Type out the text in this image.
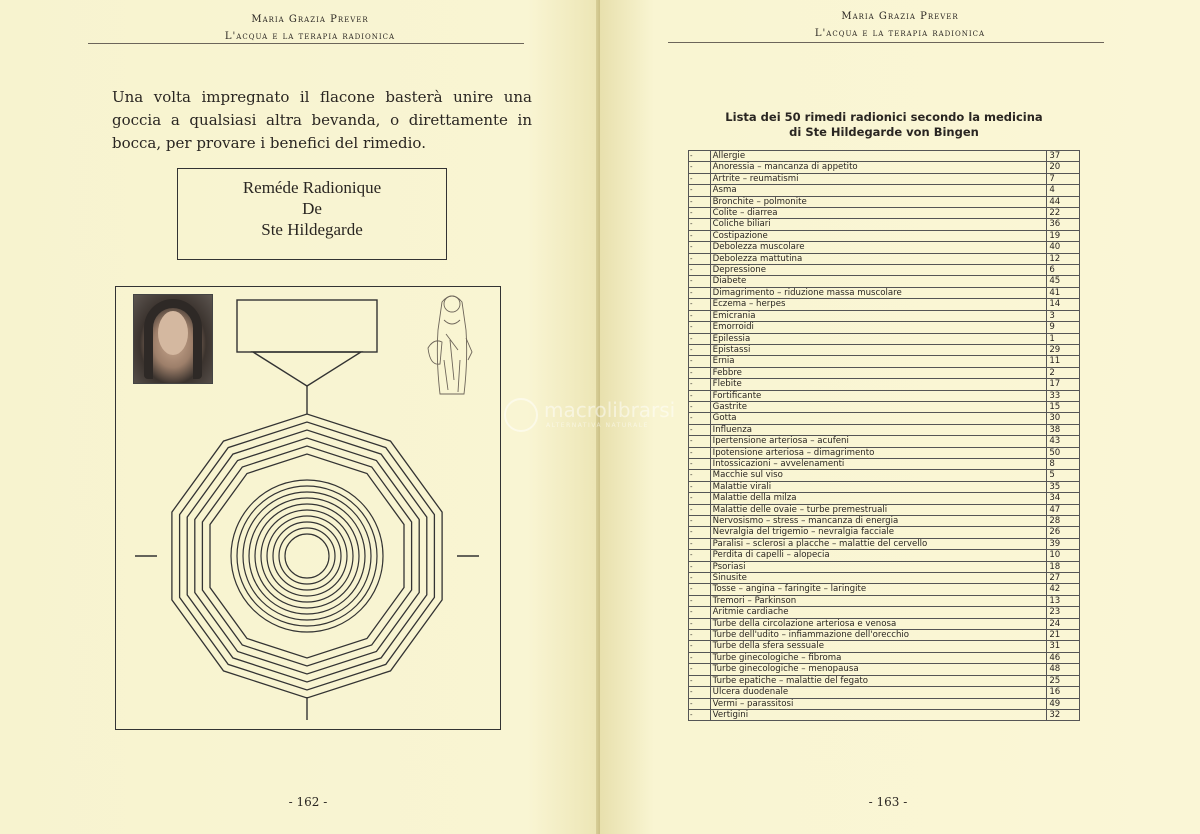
Maria Grazia Prever
L'acqua e la terapia radionica
Una volta impregnato il flacone basterà unire una goccia a qualsiasi altra bevanda, o direttamente in bocca, per provare i benefici del rimedio.
Reméde Radionique
De
Ste Hildegarde
- 162 -
Maria Grazia Prever
L'acqua e la terapia radionica
- 163 -
Lista dei 50 rimedi radionici secondo la medicina
di Ste Hildegarde von Bingen
-	Allergie	37
-	Anoressia – mancanza di appetito	20
-	Artrite – reumatismi	7
-	Asma	4
-	Bronchite – polmonite	44
-	Colite – diarrea	22
-	Coliche biliari	36
-	Costipazione	19
-	Debolezza muscolare	40
-	Debolezza mattutina	12
-	Depressione	6
-	Diabete	45
-	Dimagrimento – riduzione massa muscolare	41
-	Eczema – herpes	14
-	Emicrania	3
-	Emorroidi	9
-	Epilessia	1
-	Epistassi	29
-	Ernia	11
-	Febbre	2
-	Flebite	17
-	Fortificante	33
-	Gastrite	15
-	Gotta	30
-	Influenza	38
-	Ipertensione arteriosa – acufeni	43
-	Ipotensione arteriosa – dimagrimento	50
-	Intossicazioni – avvelenamenti	8
-	Macchie sul viso	5
-	Malattie virali	35
-	Malattie della milza	34
-	Malattie delle ovaie – turbe premestruali	47
-	Nervosismo – stress – mancanza di energia	28
-	Nevralgia del trigemio – nevralgia facciale	26
-	Paralisi – sclerosi a placche – malattie del cervello	39
-	Perdita di capelli – alopecia	10
-	Psoriasi	18
-	Sinusite	27
-	Tosse – angina – faringite – laringite	42
-	Tremori – Parkinson	13
-	Aritmie cardiache	23
-	Turbe della circolazione arteriosa e venosa	24
-	Turbe dell'udito – infiammazione dell'orecchio	21
-	Turbe della sfera sessuale	31
-	Turbe ginecologiche – fibroma	46
-	Turbe ginecologiche – menopausa	48
-	Turbe epatiche – malattie del fegato	25
-	Ulcera duodenale	16
-	Vermi – parassitosi	49
-	Vertigini	32
macrolibrarsi
ALTERNATIVA NATURALE
